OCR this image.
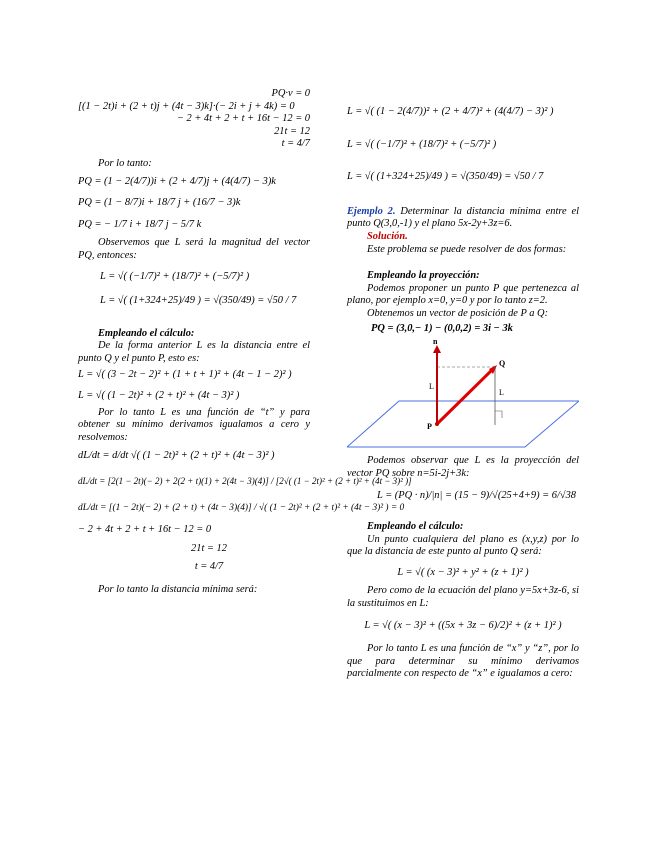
PQ·v = 0
[(1 − 2t)i + (2 + t)j + (4t − 3)k]·(− 2i + j + 4k) = 0
− 2 + 4t + 2 + t + 16t − 12 = 0
21t = 12
t = 4/7

Por lo tanto:

PQ = (1 − 2(4/7))i + (2 + 4/7)j + (4(4/7) − 3)k
PQ = (1 − 8/7)i + 18/7 j + (16/7 − 3)k
PQ = − 1/7 i + 18/7 j − 5/7 k

Observemos que L será la magnitud del vector PQ, entonces:

L = √( (−1/7)² + (18/7)² + (−5/7)² )
L = √( (1+324+25)/49 ) = √(350/49) = √50 / 7

Empleando el cálculo:

De la forma anterior L es la distancia entre el punto Q y el punto P, esto es:

L = √( (3 − 2t − 2)² + (1 + t + 1)² + (4t − 1 − 2)² )
L = √( (1 − 2t)² + (2 + t)² + (4t − 3)² )

Por lo tanto L es una función de “t” y para obtener su mínimo derivamos igualamos a cero y resolvemos:

dL/dt = d/dt √( (1 − 2t)² + (2 + t)² + (4t − 3)² )
dL/dt = [2(1 − 2t)(− 2) + 2(2 + t)(1) + 2(4t − 3)(4)] / [2√( (1 − 2t)² + (2 + t)² + (4t − 3)² )]
dL/dt = [(1 − 2t)(− 2) + (2 + t) + (4t − 3)(4)] / √( (1 − 2t)² + (2 + t)² + (4t − 3)² ) = 0
− 2 + 4t + 2 + t + 16t − 12 = 0
21t = 12
t = 4/7

Por lo tanto la distancia mínima será:

L = √( (1 − 2(4/7))² + (2 + 4/7)² + (4(4/7) − 3)² )
L = √( (−1/7)² + (18/7)² + (−5/7)² )
L = √( (1+324+25)/49 ) = √(350/49) = √50 / 7

Ejemplo 2. Determinar la distancia mínima entre el punto Q(3,0,-1) y el plano 5x-2y+3z=6.

Solución.

Este problema se puede resolver de dos formas:

Empleando la proyección:

Podemos proponer un punto P que pertenezca al plano, por ejemplo x=0, y=0 y por lo tanto z=2.

Obtenemos un vector de posición de P a Q:

PQ = (3,0,− 1) − (0,0,2) = 3i − 3k
n
Q
P
L
L

Podemos observar que L es la proyección del vector PQ sobre n=5i-2j+3k:

L = (PQ · n)/|n| = (15 − 9)/√(25+4+9) = 6/√38

Empleando el cálculo:

Un punto cualquiera del plano es (x,y,z) por lo que la distancia de este punto al punto Q será:

L = √( (x − 3)² + y² + (z + 1)² )

Pero como de la ecuación del plano y=5x+3z-6, si la sustituimos en L:

L = √( (x − 3)² + ((5x + 3z − 6)/2)² + (z + 1)² )

Por lo tanto L es una función de “x” y “z”, por lo que para determinar su mínimo derivamos parcialmente con respecto de “x” e igualamos a cero:
